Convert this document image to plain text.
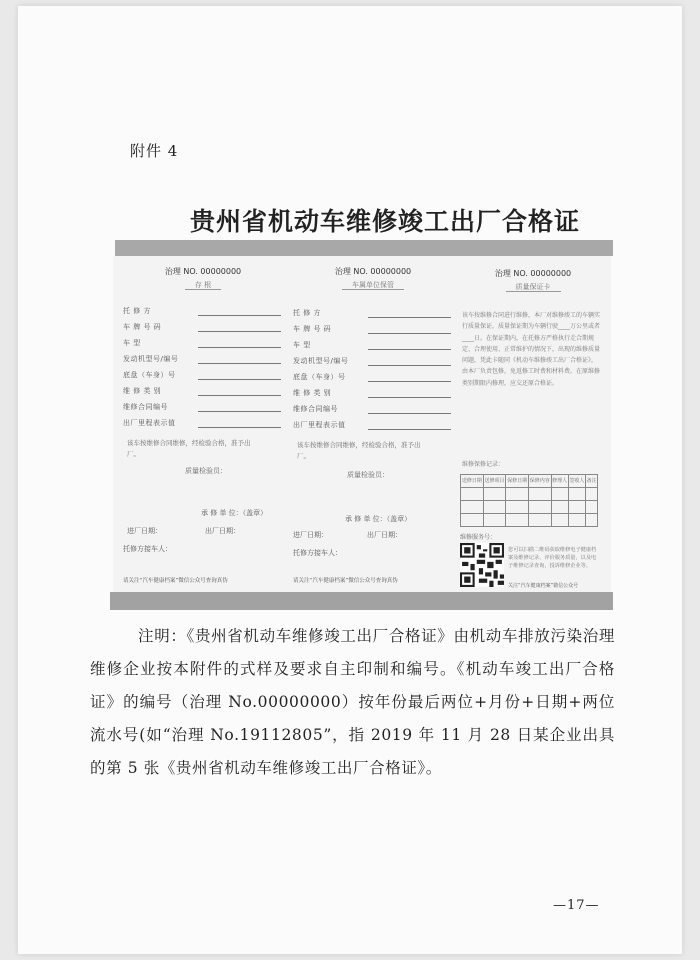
附件 4
贵州省机动车维修竣工出厂合格证
治理 NO. 00000000
存 根
托 修 方
车 牌 号 码
车 型
发动机型号/编号
底盘（车身）号
维 修 类 别
维修合同编号
出厂里程表示值
该车按维修合同维修，经检验合格，准予出厂。
质量检验员：
承 修 单 位：（盖章）
进厂日期：	出厂日期：
托修方接车人：
请关注“汽车健康档案”微信公众号查询真伪
治理 NO. 00000000
车属单位保管
托 修 方
车 牌 号 码
车 型
发动机型号/编号
底盘（车身）号
维 修 类 别
维修合同编号
出厂里程表示值
该车按维修合同维修，经检验合格，准予出厂。
质量检验员：
承 修 单 位：（盖章）
进厂日期：	出厂日期：
托修方接车人：
请关注“汽车健康档案”微信公众号查询真伪
治理 NO. 00000000
质量保证卡
该车按维修合同进行维修，本厂对维修竣工的车辆实行质量保证，质量保证期为车辆行驶____万公里或者____日。在保证期内，在托修方严格执行走合期规定、合理使用、正常维护的情况下，出现的维修质量问题，凭此卡随同《机动车维修竣工出厂合格证》，由本厂负责包修，免返修工时费和材料费。在原维修类别期限内修理，应交还原合格证。
维修保修记录：
送修日期	送修项目	保修日期	保修内容	修理人	签收人	备注

维修服务号：
您可以扫描二维码获取维修电子健康档案及维修记录、评价服务质量，以及电子维修记录查询，投诉维修企业等。
关注“汽车健康档案”微信公众号
注明：《贵州省机动车维修竣工出厂合格证》由机动车排放污染治理维修企业按本附件的式样及要求自主印制和编号。《机动车竣工出厂合格证》的编号（治理 No.00000000）按年份最后两位+月份+日期+两位流水号(如“治理 No.19112805”，指 2019 年 11 月 28 日某企业出具的第 5 张《贵州省机动车维修竣工出厂合格证》。
—17—
